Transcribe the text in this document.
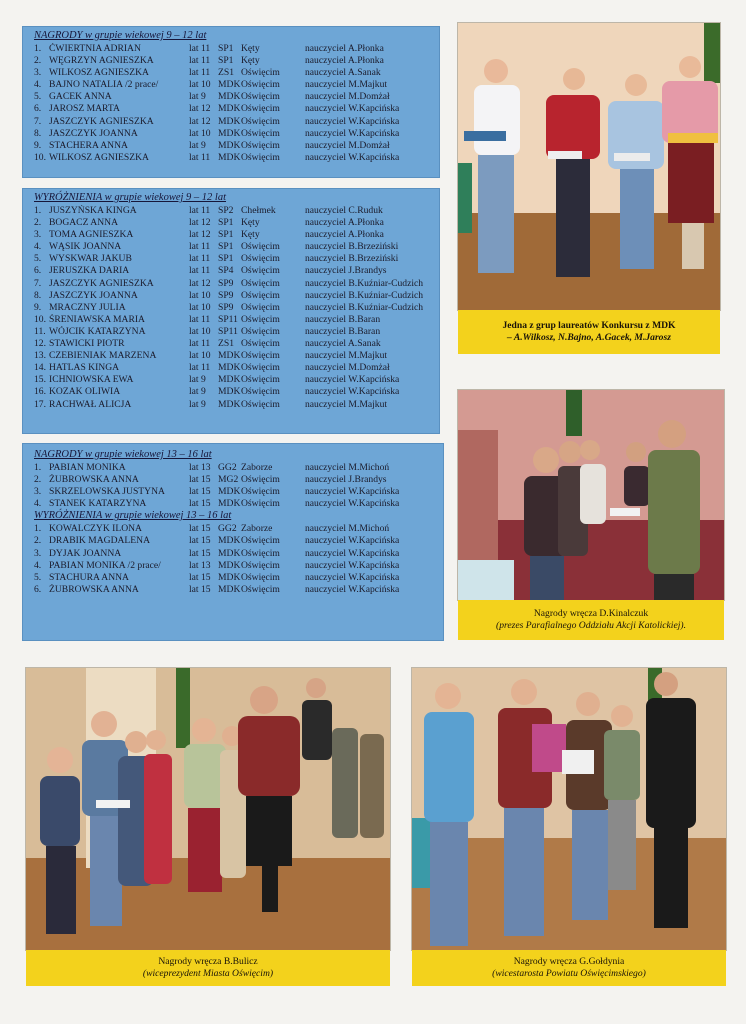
NAGRODY w grupie wiekowej 9 – 12 lat
1. ĆWIERTNIA ADRIAN	lat 11 SP1 Kęty	nauczyciel A.Płonka
2. WĘGRZYN AGNIESZKA	lat 11 SP1 Kęty	nauczyciel A.Płonka
3. WILKOSZ AGNIESZKA	lat 11 ZS1 Oświęcim	nauczyciel A.Sanak
4. BAJNO NATALIA /2 prace/	lat 10 MDK Oświęcim	nauczyciel M.Majkut
5. GACEK ANNA	lat 9	MDK Oświęcim	nauczyciel M.Domżał
6. JAROSZ MARTA	lat 12 MDK Oświęcim	nauczyciel W.Kapcińska
7. JASZCZYK AGNIESZKA	lat 12 MDK Oświęcim	nauczyciel W.Kapcińska
8. JASZCZYK JOANNA	lat 10 MDK Oświęcim	nauczyciel W.Kapcińska
9. STACHERA ANNA	lat 9	MDK Oświęcim	nauczyciel M.Domżał
10. WILKOSZ AGNIESZKA	lat 11 MDK Oświęcim	nauczyciel W.Kapcińska
WYRÓŻNIENIA w grupie wiekowej 9 – 12 lat
1. JUSZYŃSKA KINGA	lat 11 SP2 Chełmek	nauczyciel C.Ruduk
2. BOGACZ ANNA	lat 12 SP1 Kęty	nauczyciel A.Płonka
3. TOMA AGNIESZKA	lat 12 SP1 Kęty	nauczyciel A.Płonka
4. WĄSIK JOANNA	lat 11 SP1 Oświęcim	nauczyciel B.Brzeziński
5. WYSKWAR JAKUB	lat 11 SP1 Oświęcim	nauczyciel B.Brzeziński
6. JERUSZKA DARIA	lat 11 SP4 Oświęcim	nauczyciel J.Brandys
7. JASZCZYK AGNIESZKA	lat 12 SP9 Oświęcim	nauczyciel B.Kuźniar-Cudzich
8. JASZCZYK JOANNA	lat 10 SP9 Oświęcim	nauczyciel B.Kuźniar-Cudzich
9. MRACZNY JULIA	lat 10 SP9 Oświęcim	nauczyciel B.Kuźniar-Cudzich
10. ŚRENIAWSKA MARIA	lat 11 SP11 Oświęcim	nauczyciel B.Baran
11. WÓJCIK KATARZYNA	lat 10 SP11 Oświęcim	nauczyciel B.Baran
12. STAWICKI PIOTR	lat 11 ZS1 Oświęcim	nauczyciel A.Sanak
13. CZEBIENIAK MARZENA	lat 10 MDK Oświęcim	nauczyciel M.Majkut
14. HATLAS KINGA	lat 11 MDK Oświęcim	nauczyciel M.Domżał
15. ICHNIOWSKA EWA	lat 9	MDK Oświęcim	nauczyciel W.Kapcińska
16. KOZAK OLIWIA	lat 9	MDK Oświęcim	nauczyciel W.Kapcińska
17. RACHWAŁ ALICJA	lat 9	MDK Oświęcim	nauczyciel M.Majkut
NAGRODY w grupie wiekowej 13 – 16 lat
1. PABIAN MONIKA	lat 13 GG2 Zaborze	nauczyciel M.Michoń
2. ŻUBROWSKA ANNA	lat 15 MG2 Oświęcim	nauczyciel J.Brandys
3. SKRZELOWSKA JUSTYNA	lat 15 MDK Oświęcim	nauczyciel W.Kapcińska
4. STANEK KATARZYNA	lat 15 MDK Oświęcim	nauczyciel W.Kapcińska
WYRÓŻNIENIA w grupie wiekowej 13 – 16 lat
1. KOWALCZYK ILONA	lat 15 GG2 Zaborze	nauczyciel M.Michoń
2. DRABIK MAGDALENA	lat 15 MDK Oświęcim	nauczyciel W.Kapcińska
3. DYJAK JOANNA	lat 15 MDK Oświęcim	nauczyciel W.Kapcińska
4. PABIAN MONIKA /2 prace/	lat 13 MDK Oświęcim	nauczyciel W.Kapcińska
5. STACHURA ANNA	lat 15 MDK Oświęcim	nauczyciel W.Kapcińska
6. ŻUBROWSKA ANNA	lat 15 MDK Oświęcim	nauczyciel W.Kapcińska
Jedna z grup laureatów Konkursu z MDK
– A.Wilkosz, N.Bajno, A.Gacek, M.Jarosz
Nagrody wręcza D.Kinalczuk
(prezes Parafialnego Oddziału Akcji Katolickiej).
Nagrody wręcza B.Bulicz
(wiceprezydent Miasta Oświęcim)
Nagrody wręcza G.Gołdynia
(wicestarosta Powiatu Oświęcimskiego)
